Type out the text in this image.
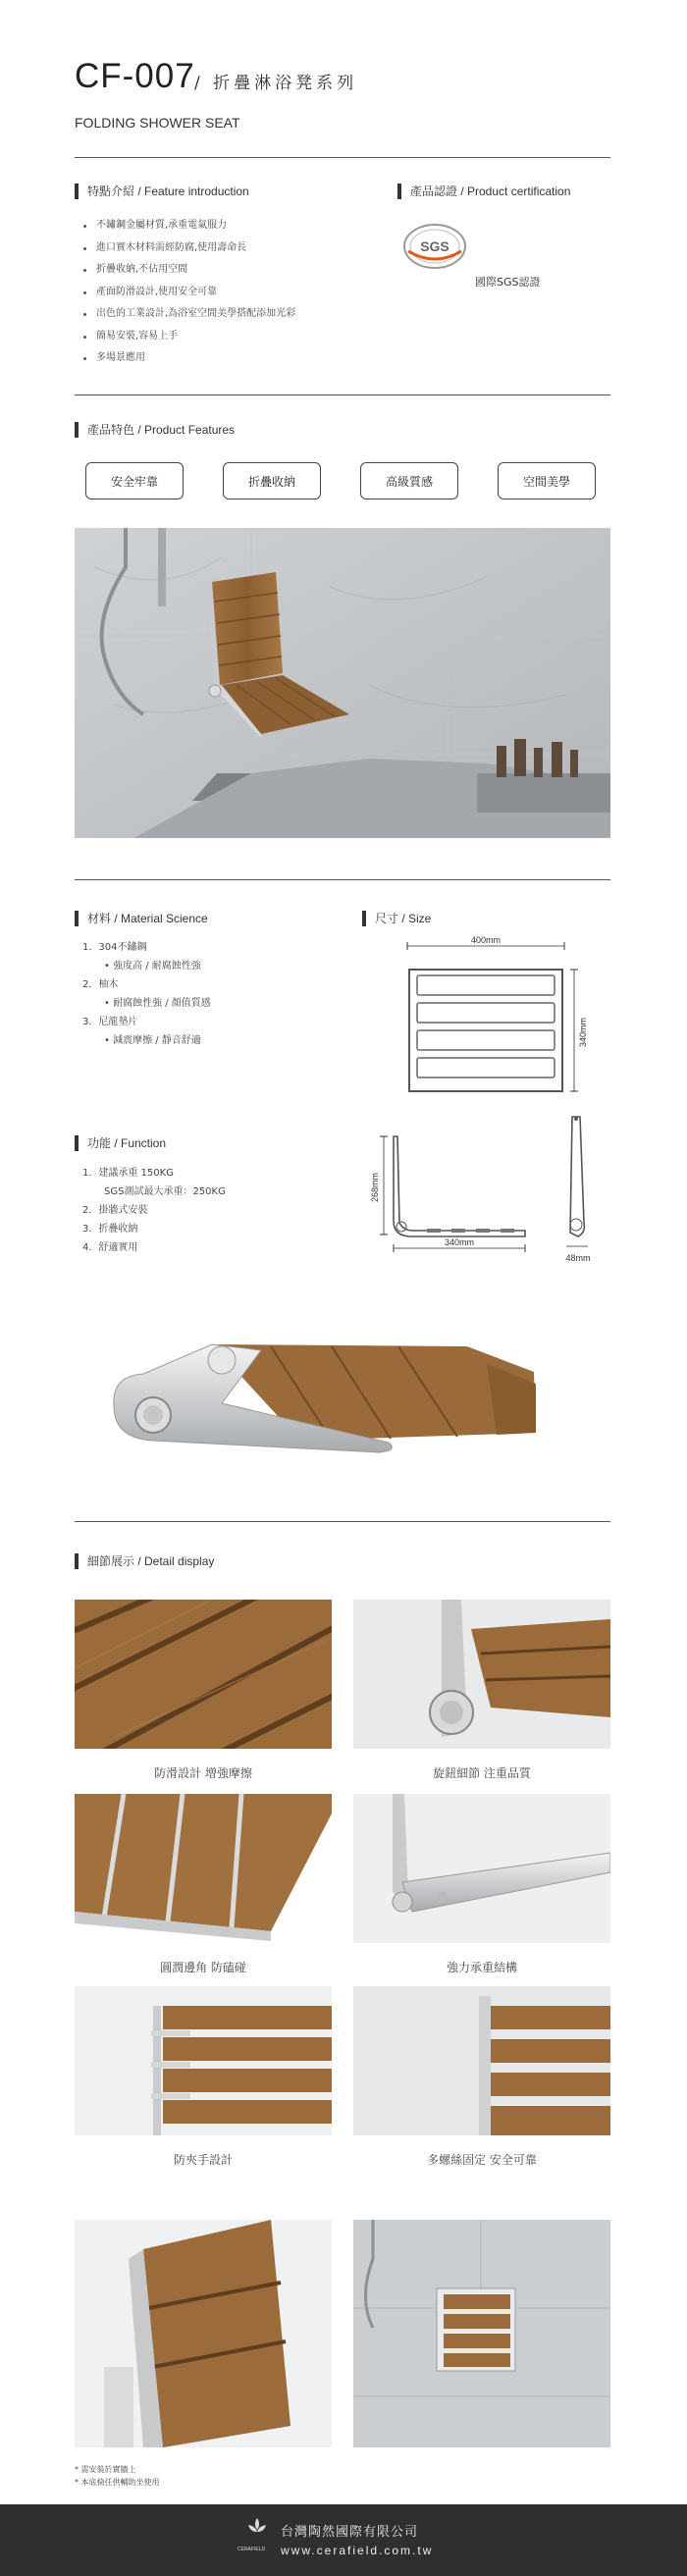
CF-007 / 折疊淋浴凳系列
FOLDING SHOWER SEAT
特點介紹 / Feature introduction
不鏽鋼金屬材質,承重電氣服力
進口實木材料需經防腐,使用壽命長
折疊收納,不佔用空間
產面防滑設計,使用安全可靠
出色的工業設計,為浴室空間美學搭配添加光彩
簡易安裝,容易上手
多場景應用
產品認證 / Product certification
SGS
國際SGS認證
產品特色 / Product Features
安全牢靠	折疊收納	高級質感	空間美學
材料 / Material Science
1．304不鏽鋼
• 強度高 / 耐腐蝕性強
2．柚木
• 耐腐蝕性強 / 顏值質感
3．尼龍墊片
• 減震摩擦 / 靜音舒適
尺寸 / Size
400mm
340mm
268mm
340mm
48mm
功能 / Function
1．建議承重 150KG
SGS測試最大承重：250KG
2．掛牆式安裝
3．折疊收納
4．舒適實用
細節展示 / Detail display
防滑設計 增強摩擦	旋鈕細節 注重品質
圓潤邊角 防磕碰	強力承重結構
防夾手設計	多螺絲固定 安全可靠
* 需安裝於實牆上
* 本底椅任供輔助坐使用
CERAFIELD
台灣陶然國際有限公司
www.cerafield.com.tw
